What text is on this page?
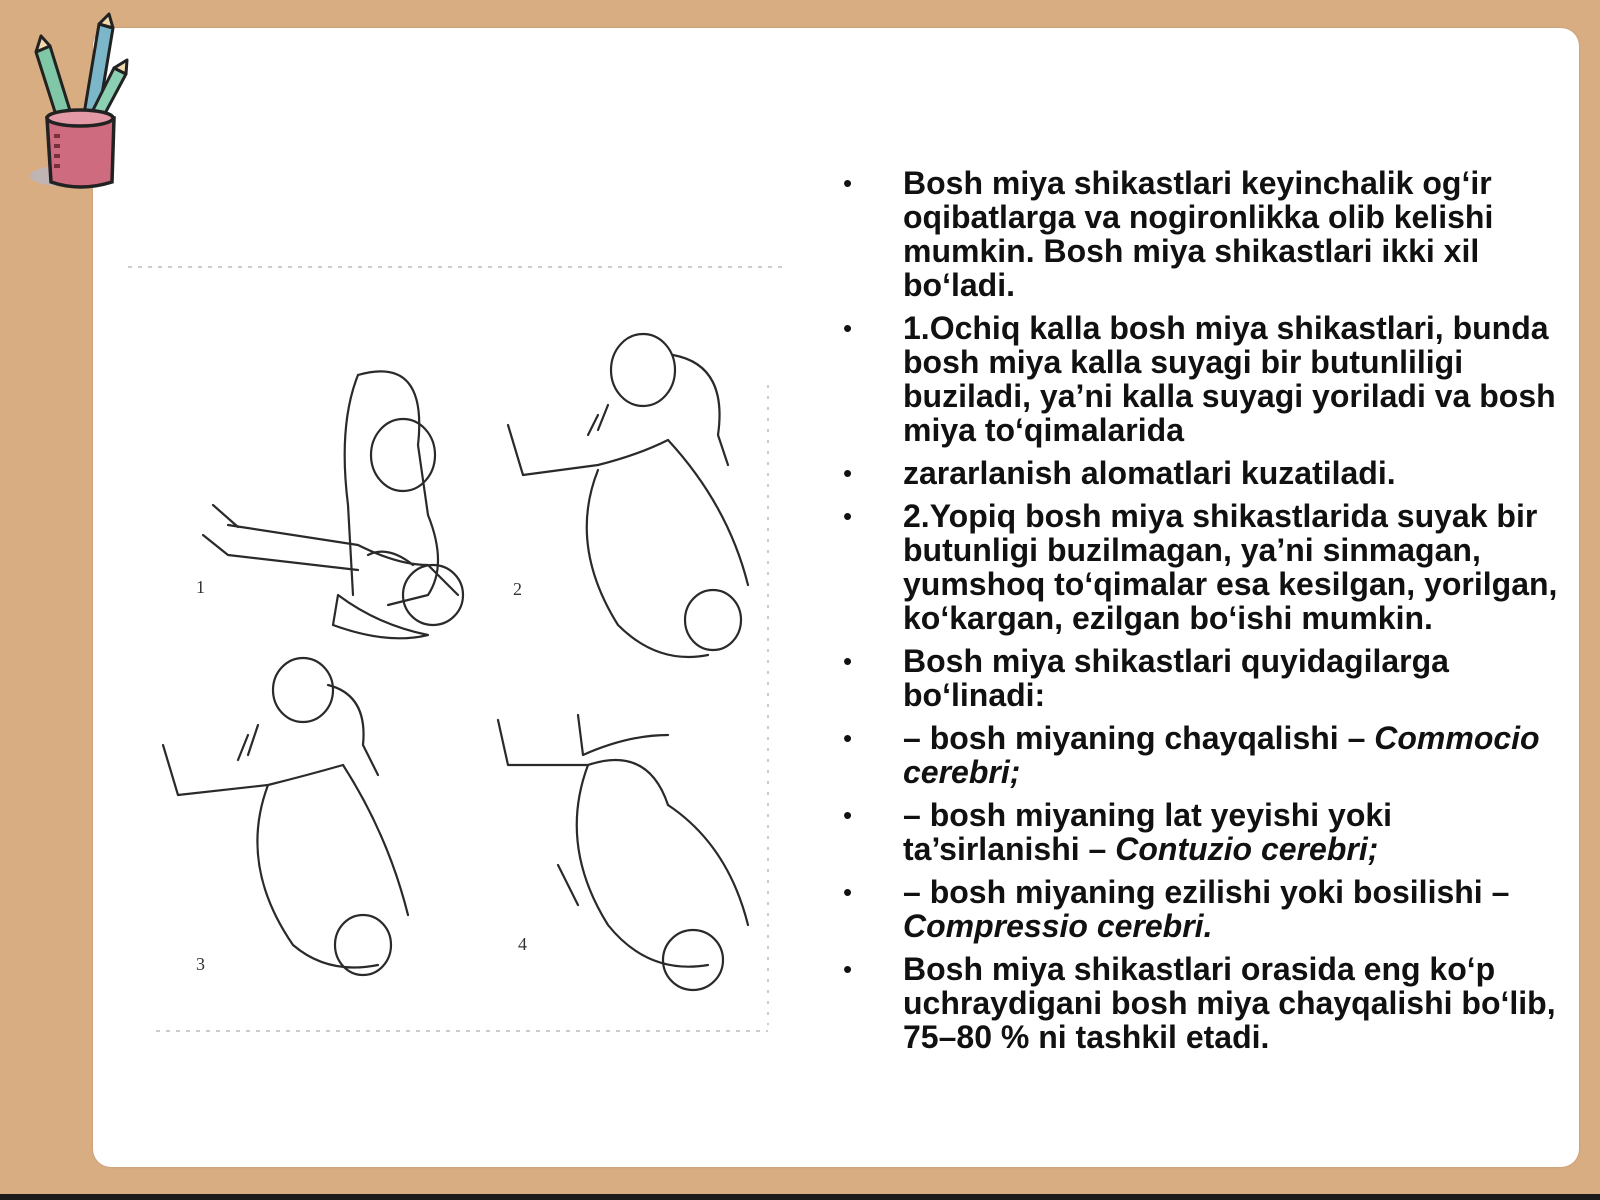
1	2
3
4
• Bosh miya shikastlari keyinchalik og‘ir oqibatlarga va nogironlikka olib kelishi mumkin. Bosh miya shikastlari ikki xil bo‘ladi.
• 1.Ochiq kalla bosh miya shikastlari, bunda bosh miya kalla suyagi bir butunliligi buziladi, ya’ni kalla suyagi yoriladi va bosh miya to‘qimalarida
• zararlanish alomatlari kuzatiladi.
• 2.Yopiq bosh miya shikastlarida suyak bir butunligi buzilmagan, ya’ni sinmagan, yumshoq to‘qimalar esa kesilgan, yorilgan, ko‘kargan, ezilgan bo‘ishi mumkin.
• Bosh miya shikastlari quyidagilarga bo‘linadi:
• – bosh miyaning chayqalishi – Commocio cerebri;
• – bosh miyaning lat yeyishi yoki ta’sirlanishi – Contuzio cerebri;
• – bosh miyaning ezilishi yoki bosilishi – Compressio cerebri.
• Bosh miya shikastlari orasida eng ko‘p uchraydigani bosh miya chayqalishi bo‘lib, 75–80 % ni tashkil etadi.
